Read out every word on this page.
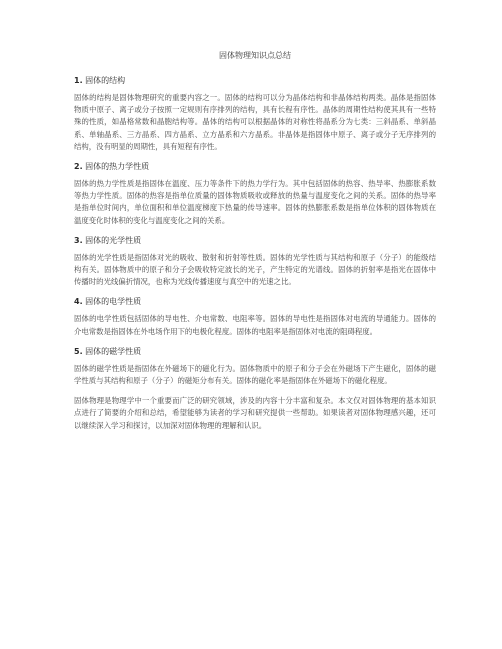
固体物理知识点总结
1. 固体的结构

固体的结构是固体物理研究的重要内容之一。固体的结构可以分为晶体结构和非晶体结构两类。晶体是指固体物质中原子、离子或分子按照一定规则有序排列的结构，具有长程有序性。晶体的周期性结构使其具有一些特殊的性质，如晶格常数和晶胞结构等。晶体的结构可以根据晶体的对称性将晶系分为七类：三斜晶系、单斜晶系、单轴晶系、三方晶系、四方晶系、立方晶系和六方晶系。非晶体是指固体中原子、离子或分子无序排列的结构，没有明显的周期性，具有短程有序性。

2. 固体的热力学性质

固体的热力学性质是指固体在温度、压力等条件下的热力学行为。其中包括固体的热容、热导率、热膨胀系数等热力学性质。固体的热容是指单位质量的固体物质吸收或释放的热量与温度变化之间的关系。固体的热导率是指单位时间内，单位面积和单位温度梯度下热量的传导速率。固体的热膨胀系数是指单位体积的固体物质在温度变化时体积的变化与温度变化之间的关系。

3. 固体的光学性质

固体的光学性质是指固体对光的吸收、散射和折射等性质。固体的光学性质与其结构和原子（分子）的能级结构有关。固体物质中的原子和分子会吸收特定波长的光子，产生特定的光谱线。固体的折射率是指光在固体中传播时的光线偏折情况，也称为光线传播速度与真空中的光速之比。

4. 固体的电学性质

固体的电学性质包括固体的导电性、介电常数、电阻率等。固体的导电性是指固体对电流的导通能力。固体的介电常数是指固体在外电场作用下的电极化程度。固体的电阻率是指固体对电流的阻碍程度。

5. 固体的磁学性质

固体的磁学性质是指固体在外磁场下的磁化行为。固体物质中的原子和分子会在外磁场下产生磁化，固体的磁学性质与其结构和原子（分子）的磁矩分布有关。固体的磁化率是指固体在外磁场下的磁化程度。

固体物理是物理学中一个重要而广泛的研究领域，涉及的内容十分丰富和复杂。本文仅对固体物理的基本知识点进行了简要的介绍和总结，希望能够为读者的学习和研究提供一些帮助。如果读者对固体物理感兴趣，还可以继续深入学习和探讨，以加深对固体物理的理解和认识。
